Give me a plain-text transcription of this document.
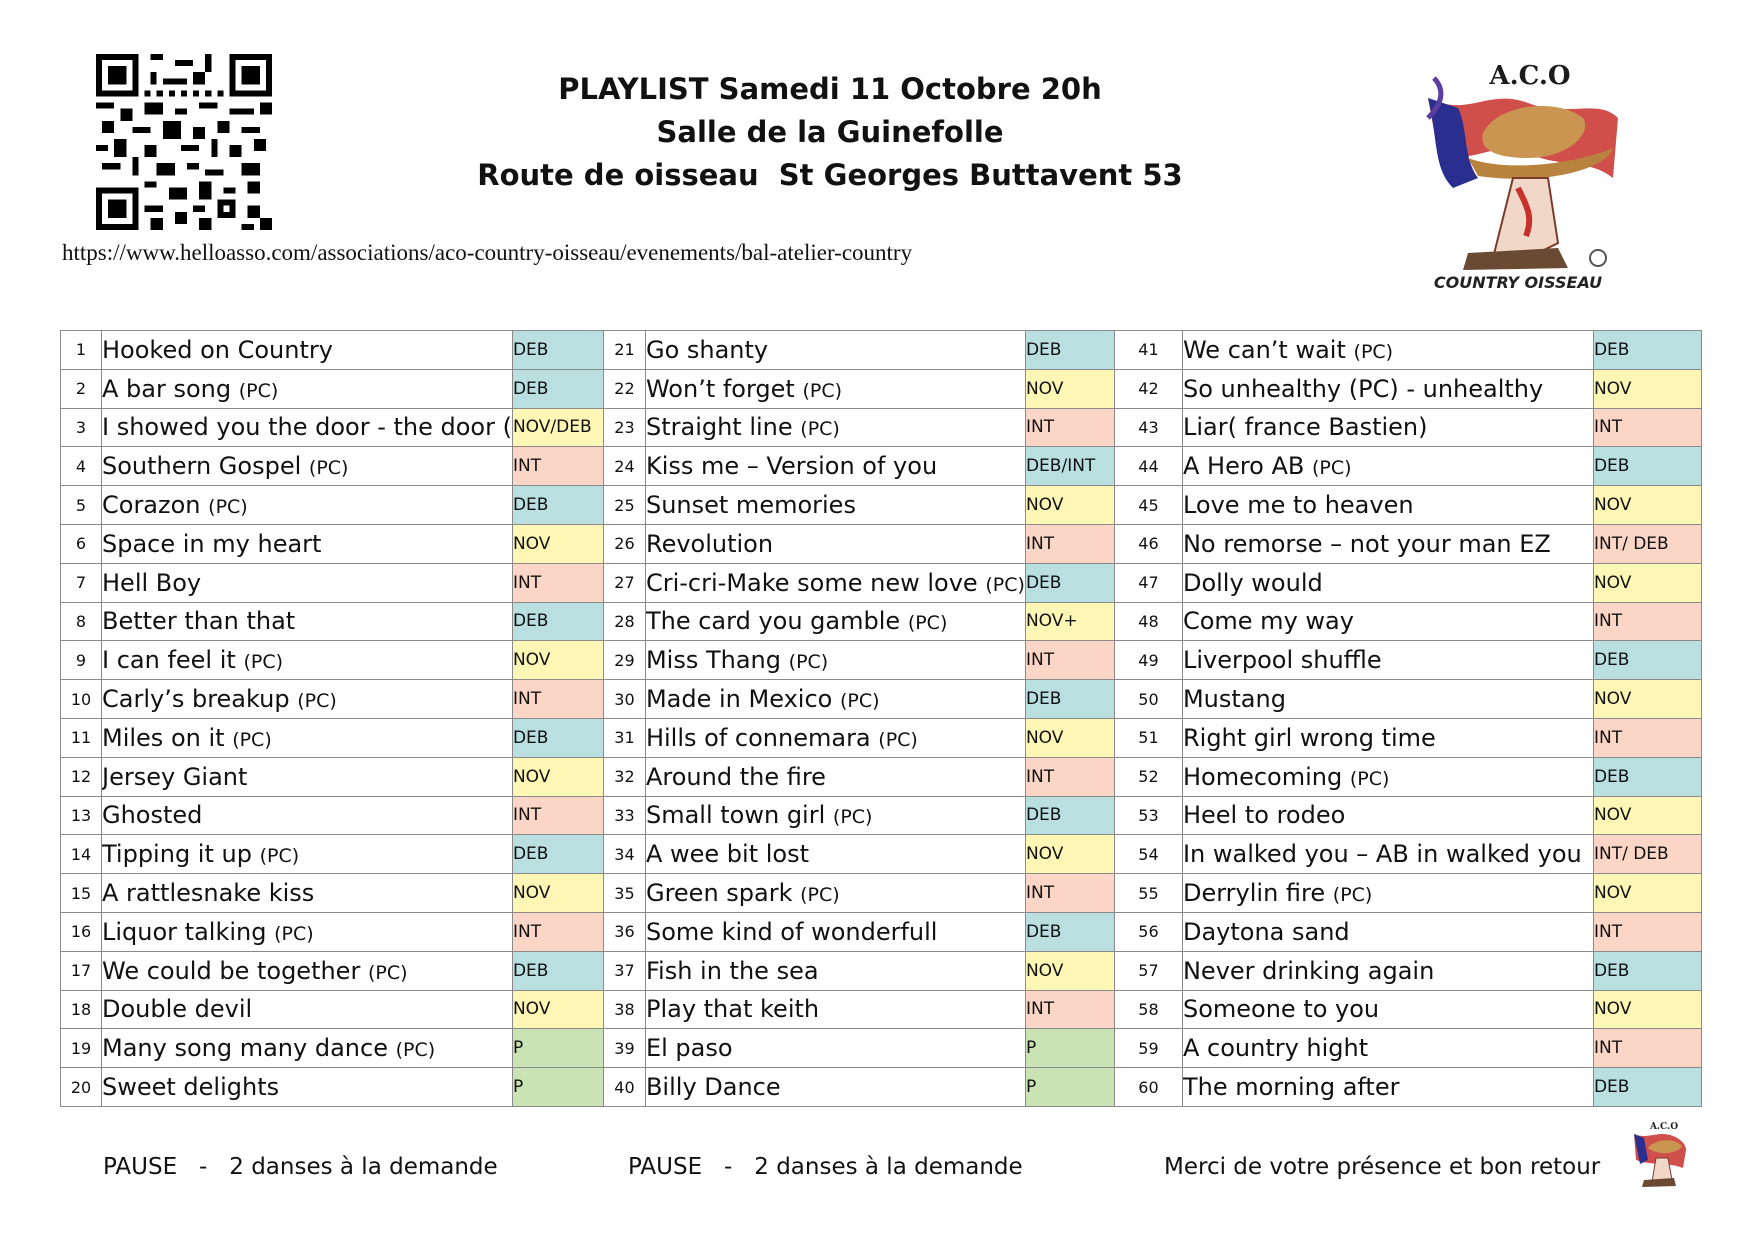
PLAYLIST Samedi 11 Octobre 20h
Salle de la Guinefolle
Route de oisseau  St Georges Buttavent 53
https://www.helloasso.com/associations/aco-country-oisseau/evenements/bal-atelier-country
A.C.O
COUNTRY OISSEAU
1	Hooked on Country	DEB	21	Go shanty	DEB	41	We can’t wait (PC)	DEB
2	A bar song (PC)	DEB	22	Won’t forget (PC)	NOV	42	So unhealthy (PC) - unhealthy	NOV
3	I showed you the door - the door (	NOV/DEB	23	Straight line (PC)	INT	43	Liar( france Bastien)	INT
4	Southern Gospel (PC)	INT	24	Kiss me – Version of you	DEB/INT	44	A Hero AB (PC)	DEB
5	Corazon (PC)	DEB	25	Sunset memories	NOV	45	Love me to heaven	NOV
6	Space in my heart	NOV	26	Revolution	INT	46	No remorse – not your man EZ	INT/ DEB
7	Hell Boy	INT	27	Cri-cri-Make some new love (PC)	DEB	47	Dolly would	NOV
8	Better than that	DEB	28	The card you gamble (PC)	NOV+	48	Come my way	INT
9	I can feel it (PC)	NOV	29	Miss Thang (PC)	INT	49	Liverpool shuffle	DEB
10	Carly’s breakup (PC)	INT	30	Made in Mexico (PC)	DEB	50	Mustang	NOV
11	Miles on it (PC)	DEB	31	Hills of connemara (PC)	NOV	51	Right girl wrong time	INT
12	Jersey Giant	NOV	32	Around the fire	INT	52	Homecoming (PC)	DEB
13	Ghosted	INT	33	Small town girl (PC)	DEB	53	Heel to rodeo	NOV
14	Tipping it up (PC)	DEB	34	A wee bit lost	NOV	54	In walked you – AB in walked you	INT/ DEB
15	A rattlesnake kiss	NOV	35	Green spark (PC)	INT	55	Derrylin fire (PC)	NOV
16	Liquor talking (PC)	INT	36	Some kind of wonderfull	DEB	56	Daytona sand	INT
17	We could be together (PC)	DEB	37	Fish in the sea	NOV	57	Never drinking again	DEB
18	Double devil	NOV	38	Play that keith	INT	58	Someone to you	NOV
19	Many song many dance (PC)	P	39	El paso	P	59	A country hight	INT
20	Sweet delights	P	40	Billy Dance	P	60	The morning after	DEB
PAUSE   -   2 danses à la demande	PAUSE   -   2 danses à la demande	Merci de votre présence et bon retour
A.C.O
